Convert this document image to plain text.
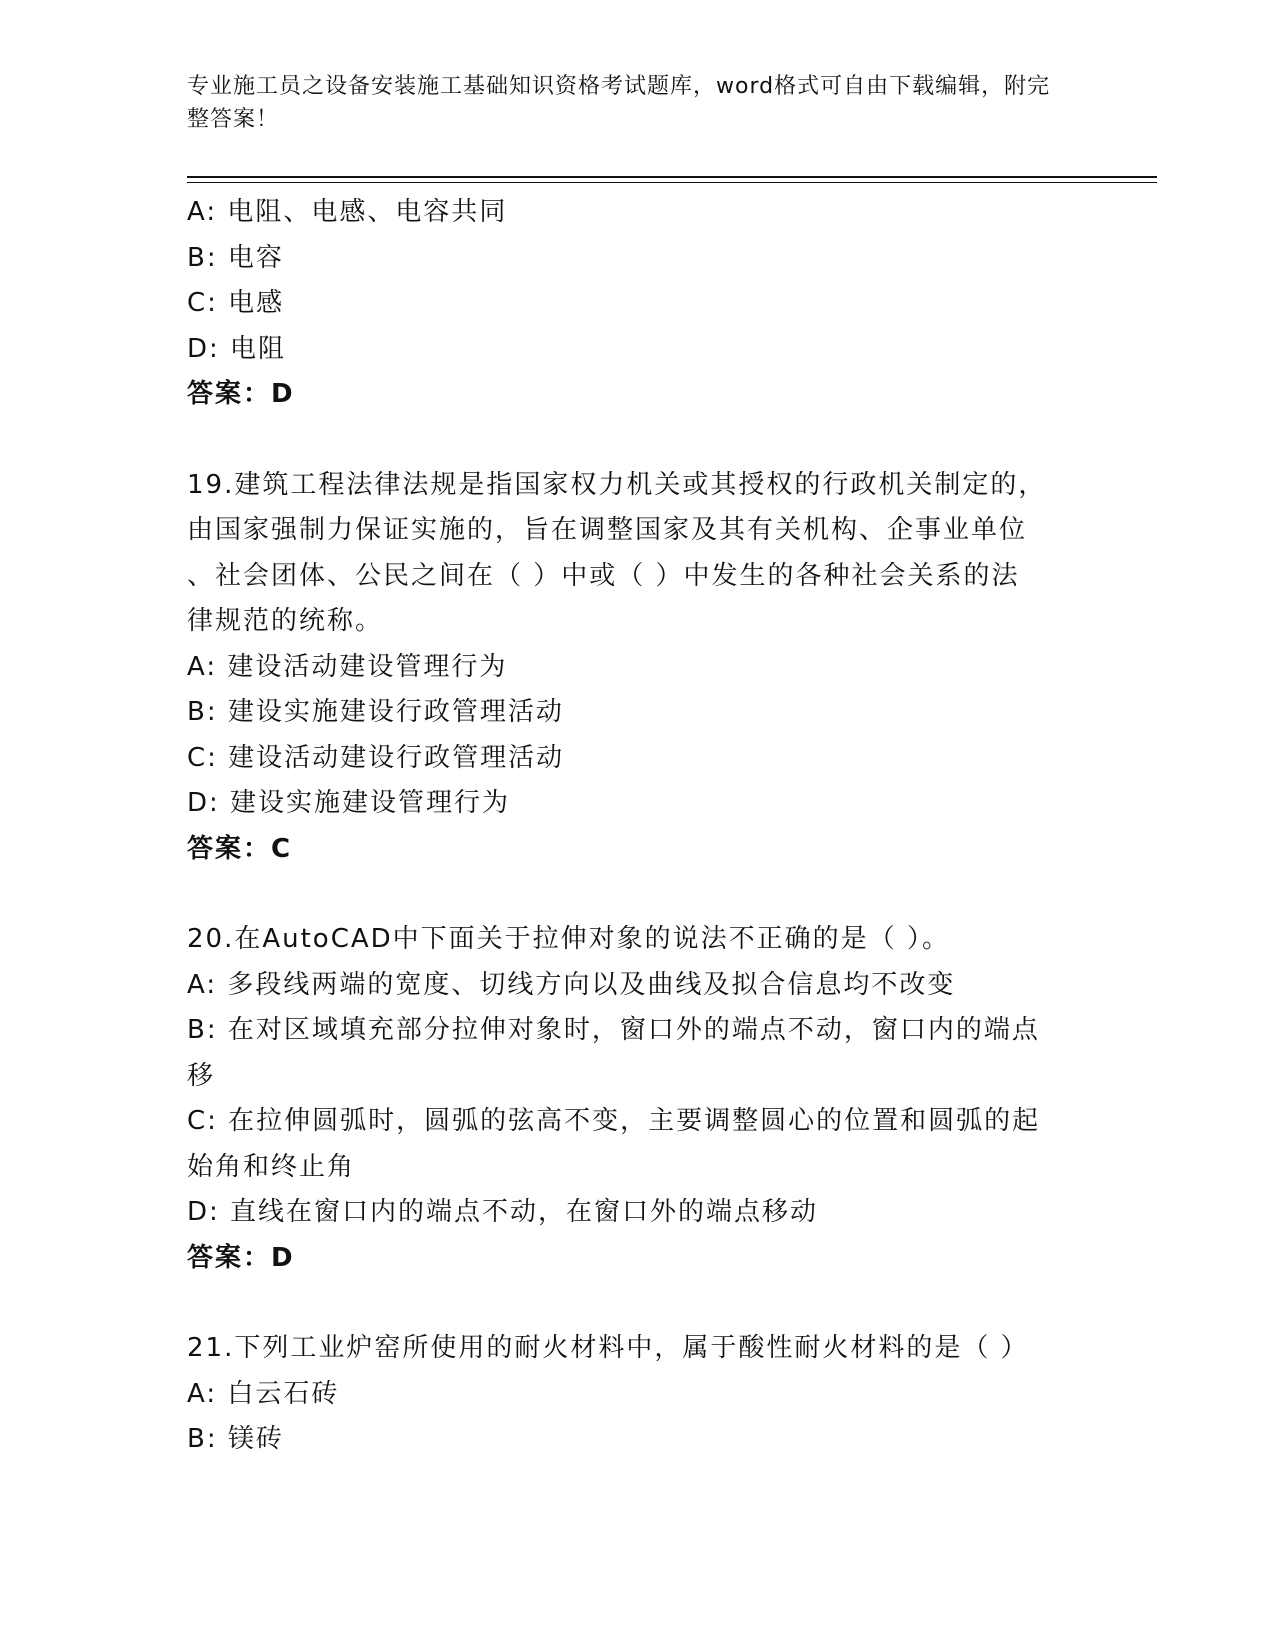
专业施工员之设备安装施工基础知识资格考试题库，word格式可自由下载编辑，附完整答案！
A: 电阻、电感、电容共同
B: 电容
C: 电感
D: 电阻
答案：D
19.建筑工程法律法规是指国家权力机关或其授权的行政机关制定的，
由国家强制力保证实施的，旨在调整国家及其有关机构、企事业单位
、社会团体、公民之间在（ ）中或（ ）中发生的各种社会关系的法
律规范的统称。
A: 建设活动建设管理行为
B: 建设实施建设行政管理活动
C: 建设活动建设行政管理活动
D: 建设实施建设管理行为
答案：C
20.在AutoCAD中下面关于拉伸对象的说法不正确的是（ ）。
A: 多段线两端的宽度、切线方向以及曲线及拟合信息均不改变
B: 在对区域填充部分拉伸对象时，窗口外的端点不动，窗口内的端点
移
C: 在拉伸圆弧时，圆弧的弦高不变，主要调整圆心的位置和圆弧的起
始角和终止角
D: 直线在窗口内的端点不动，在窗口外的端点移动
答案：D
21.下列工业炉窑所使用的耐火材料中，属于酸性耐火材料的是（ ）
A: 白云石砖
B: 镁砖
